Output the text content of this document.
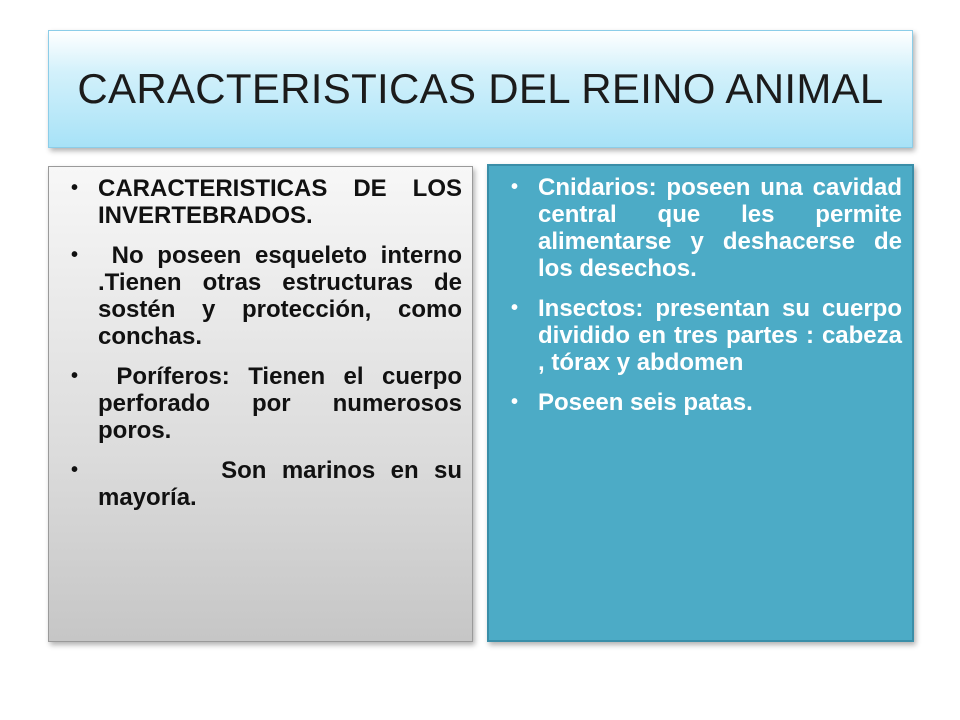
CARACTERISTICAS DEL REINO ANIMAL
• CARACTERISTICAS DE LOS INVERTEBRADOS.
• No poseen esqueleto interno .Tienen otras estructuras de sostén y protección, como conchas.
• Poríferos: Tienen el cuerpo perforado por numerosos poros.
• Son marinos en su mayoría.
• Cnidarios: poseen una cavidad central que les permite alimentarse y deshacerse de los desechos.
• Insectos: presentan su cuerpo dividido en tres partes : cabeza , tórax y abdomen
• Poseen seis patas.
